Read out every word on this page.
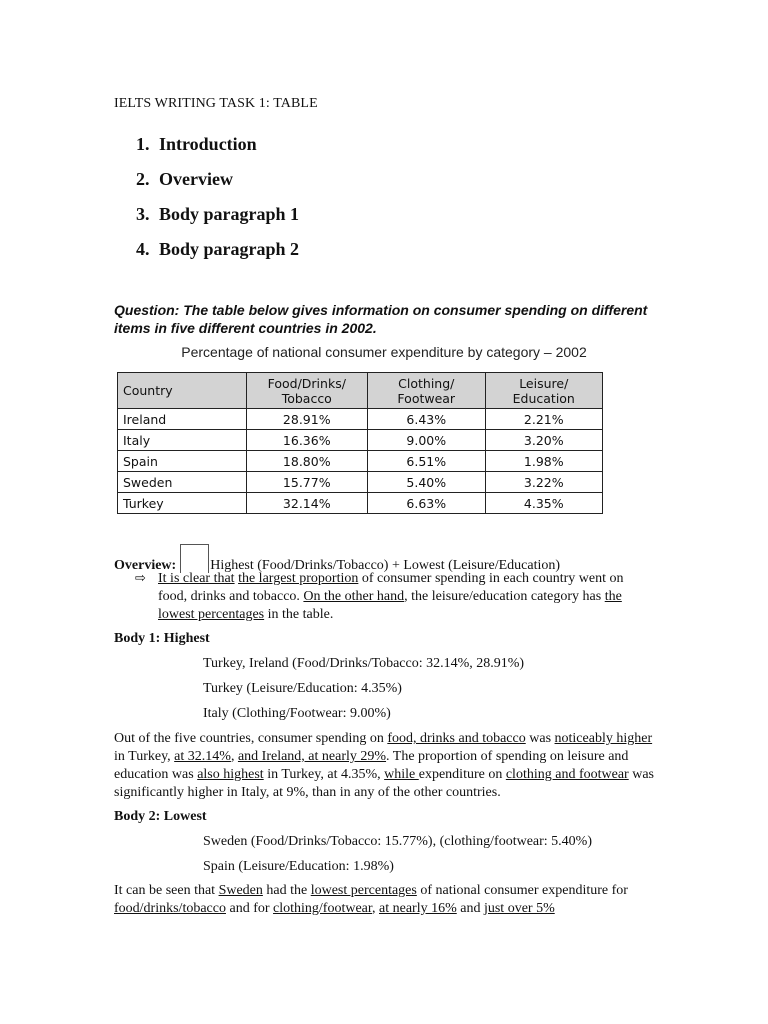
IELTS WRITING TASK 1: TABLE
1. Introduction
2. Overview
3. Body paragraph 1
4. Body paragraph 2
Question: The table below gives information on consumer spending on different items in five different countries in 2002.
Percentage of national consumer expenditure by category – 2002
Country	Food/Drinks/ Tobacco	Clothing/ Footwear	Leisure/ Education
Ireland	28.91%	6.43%	2.21%
Italy	16.36%	9.00%	3.20%
Spain	18.80%	6.51%	1.98%
Sweden	15.77%	5.40%	3.22%
Turkey	32.14%	6.63%	4.35%
Overview: Highest (Food/Drinks/Tobacco) + Lowest (Leisure/Education)
⇨ It is clear that the largest proportion of consumer spending in each country went on food, drinks and tobacco. On the other hand, the leisure/education category has the lowest percentages in the table.
Body 1: Highest
Turkey, Ireland (Food/Drinks/Tobacco: 32.14%, 28.91%)
Turkey (Leisure/Education: 4.35%)
Italy (Clothing/Footwear: 9.00%)
Out of the five countries, consumer spending on food, drinks and tobacco was noticeably higher in Turkey, at 32.14%, and Ireland, at nearly 29%. The proportion of spending on leisure and education was also highest in Turkey, at 4.35%, while expenditure on clothing and footwear was significantly higher in Italy, at 9%, than in any of the other countries.
Body 2: Lowest
Sweden (Food/Drinks/Tobacco: 15.77%), (clothing/footwear: 5.40%)
Spain (Leisure/Education: 1.98%)
It can be seen that Sweden had the lowest percentages of national consumer expenditure for food/drinks/tobacco and for clothing/footwear, at nearly 16% and just over 5%
